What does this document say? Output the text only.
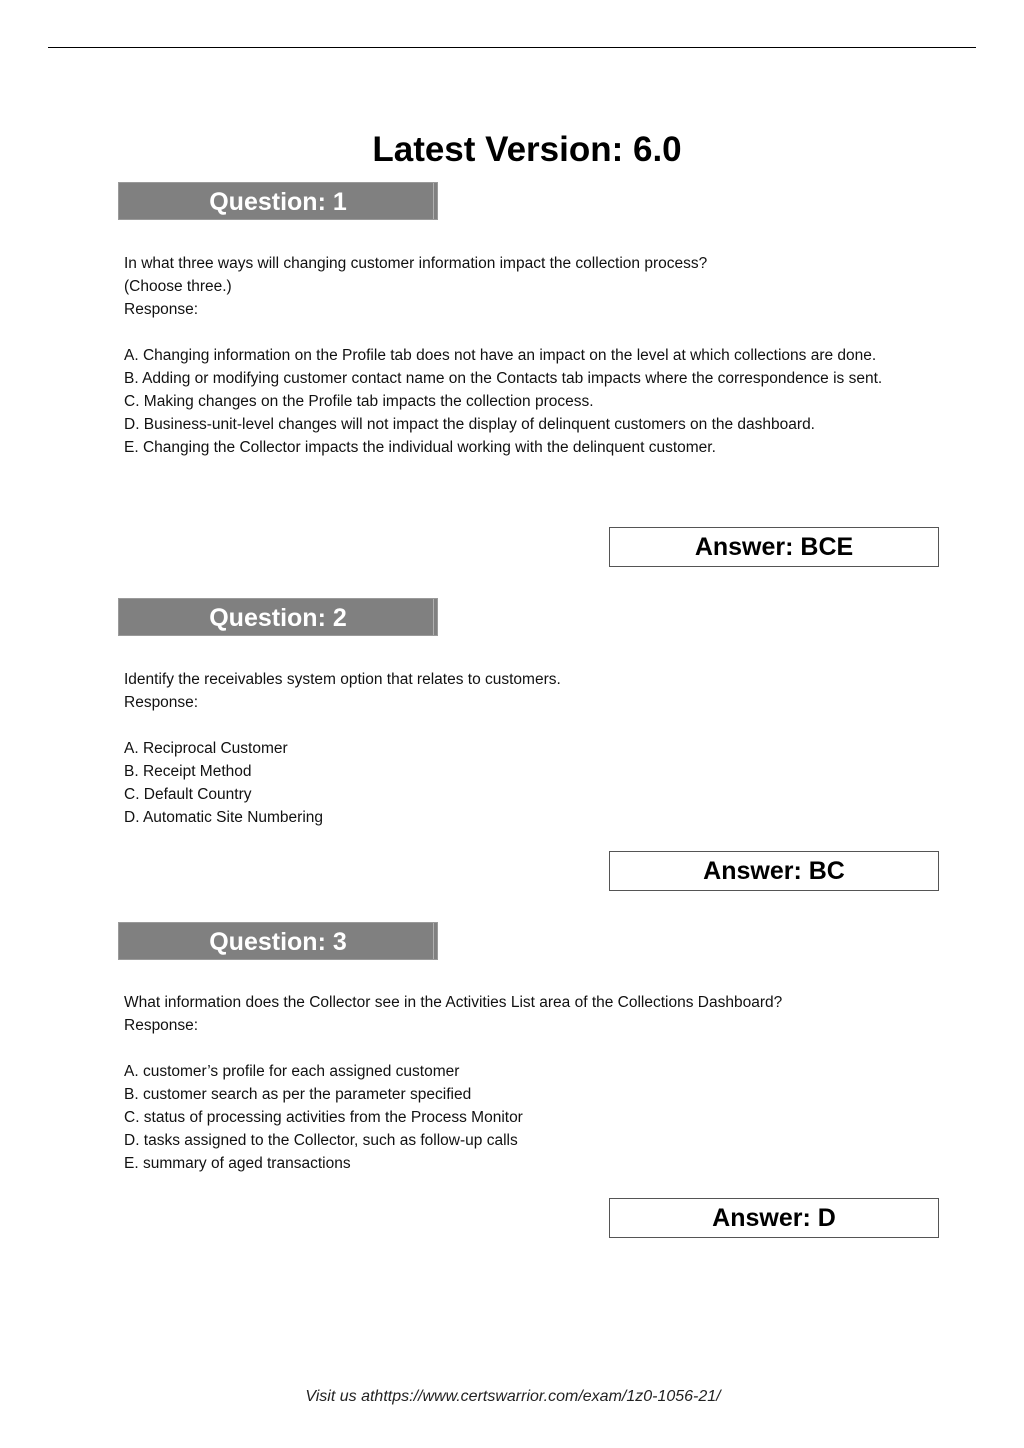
Latest Version: 6.0
Question: 1

In what three ways will changing customer information impact the collection process?

(Choose three.)

Response:

A. Changing information on the Profile tab does not have an impact on the level at which collections are done.

B. Adding or modifying customer contact name on the Contacts tab impacts where the correspondence is sent.

C. Making changes on the Profile tab impacts the collection process.

D. Business-unit-level changes will not impact the display of delinquent customers on the dashboard.

E. Changing the Collector impacts the individual working with the delinquent customer.

Answer: BCE
Question: 2

Identify the receivables system option that relates to customers.

Response:

A. Reciprocal Customer

B. Receipt Method

C. Default Country

D. Automatic Site Numbering

Answer: BC
Question: 3

What information does the Collector see in the Activities List area of the Collections Dashboard?

Response:

A. customer’s profile for each assigned customer

B. customer search as per the parameter specified

C. status of processing activities from the Process Monitor

D. tasks assigned to the Collector, such as follow-up calls

E. summary of aged transactions

Answer: D
Visit us athttps://www.certswarrior.com/exam/1z0-1056-21/
